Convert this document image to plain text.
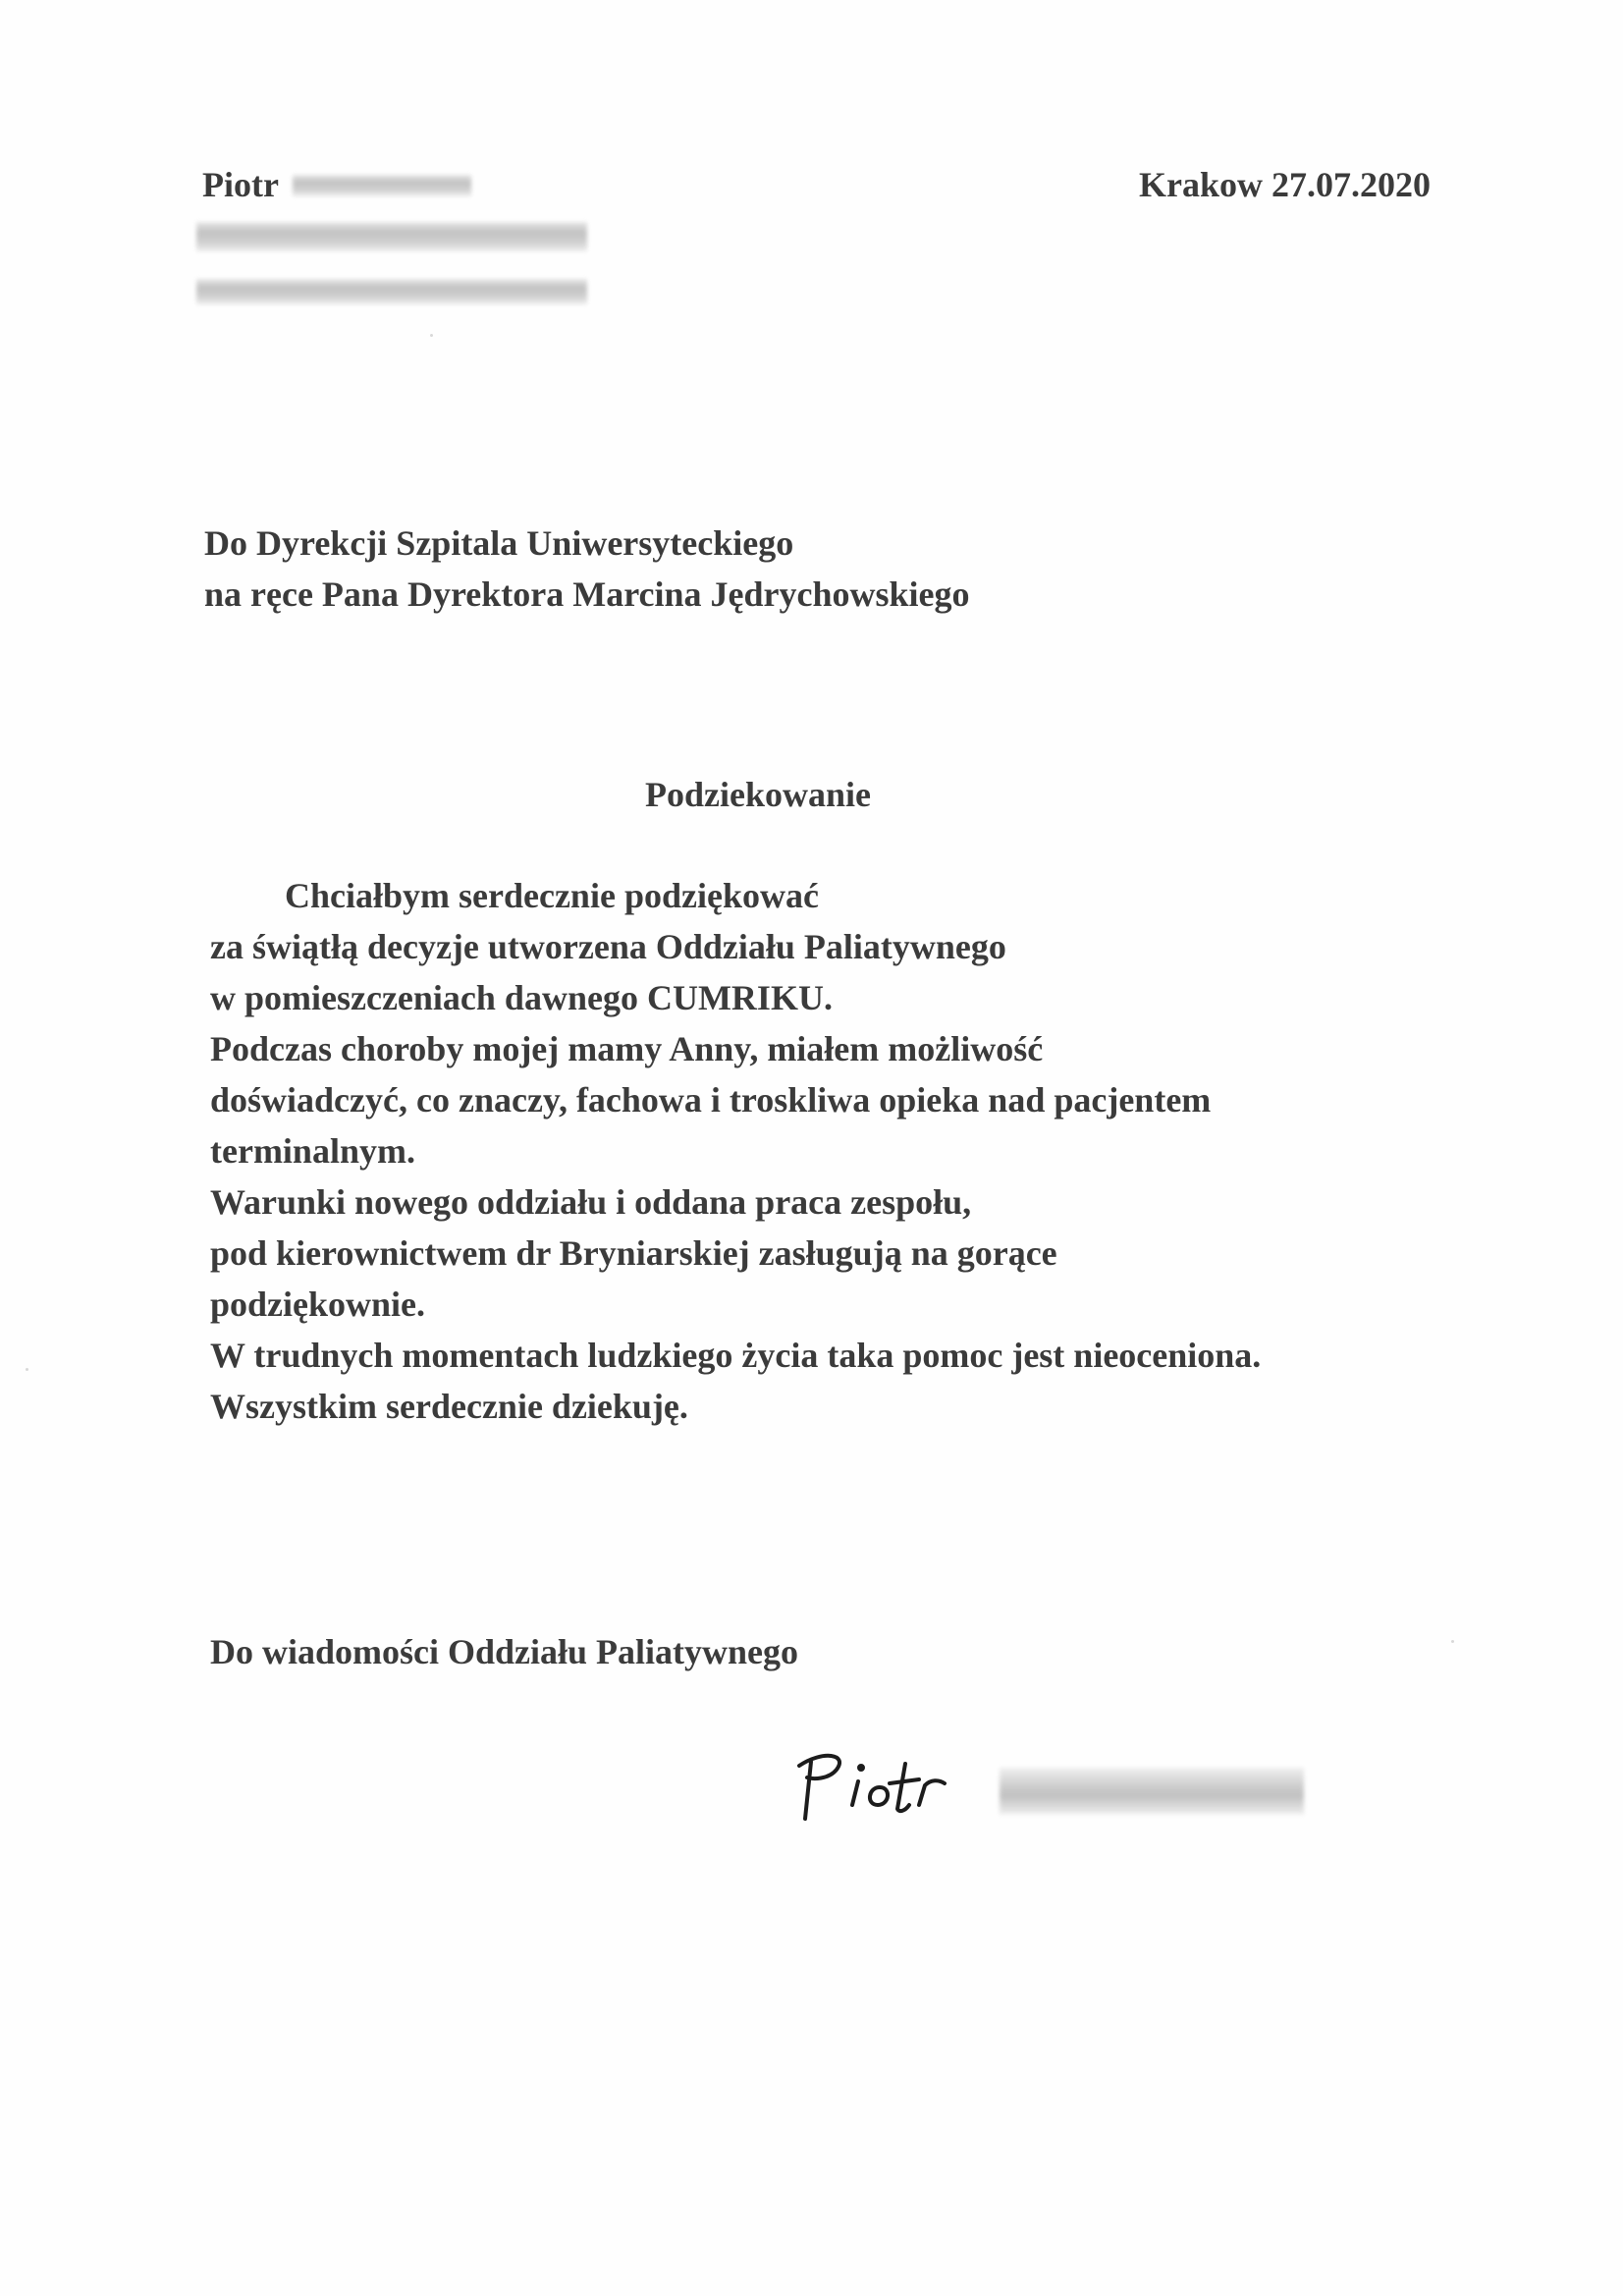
Piotr	Krakow 27.07.2020
Do Dyrekcji Szpitala Uniwersyteckiego
na ręce Pana Dyrektora Marcina Jędrychowskiego
Podziekowanie
Chciałbym serdecznie podziękować
za świątłą decyzje utworzena Oddziału Paliatywnego
w pomieszczeniach dawnego CUMRIKU.
Podczas choroby mojej mamy Anny, miałem możliwość
doświadczyć, co znaczy, fachowa i troskliwa opieka nad pacjentem
terminalnym.
Warunki nowego oddziału i oddana praca zespołu,
pod kierownictwem dr Bryniarskiej zasługują na gorące
podziękownie.
W trudnych momentach ludzkiego życia taka pomoc jest nieoceniona.
Wszystkim serdecznie dziekuję.
Do wiadomości Oddziału Paliatywnego
